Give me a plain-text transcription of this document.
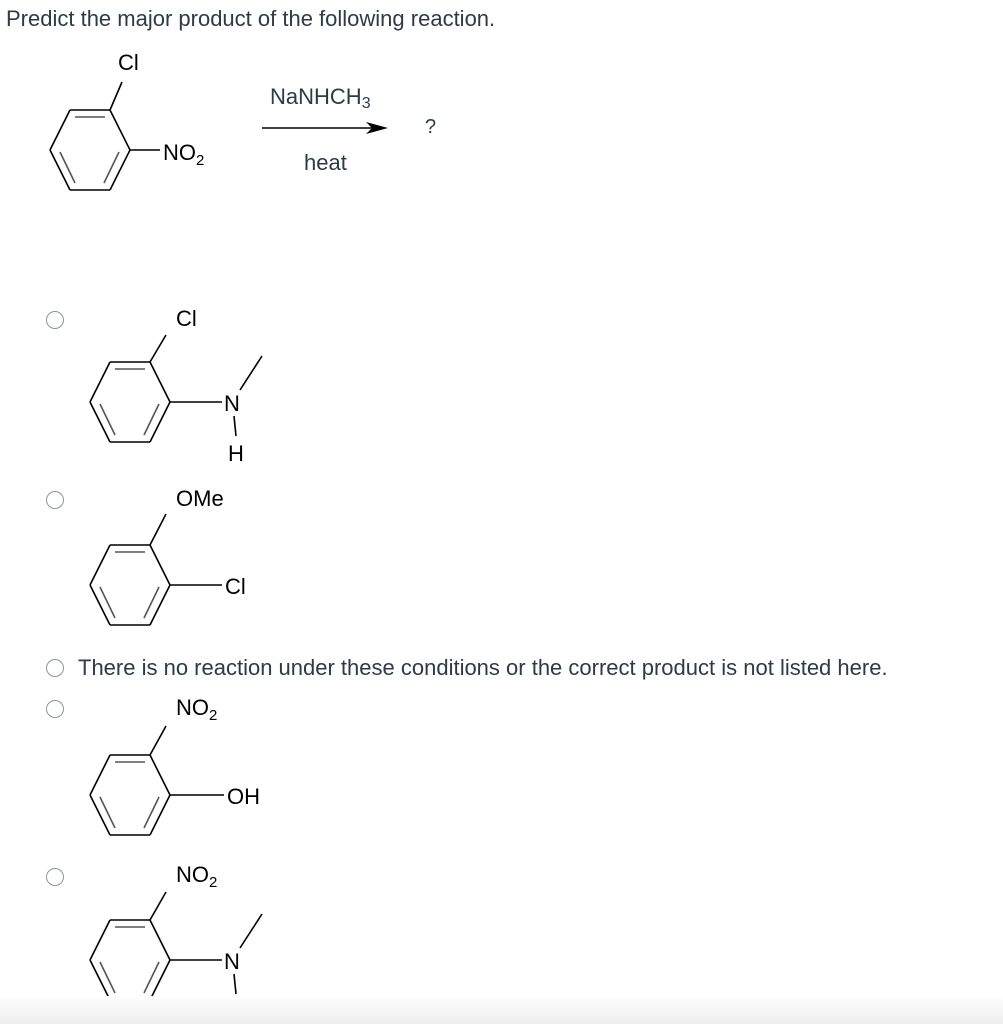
Predict the major product of the following reaction.
Cl
$NO_2$
NaNHCH$_3$
heat
?
Cl
N
H
OMe
Cl
There is no reaction under these conditions or the correct product is not listed here.
$NO_2$
OH
$NO_2$
N
